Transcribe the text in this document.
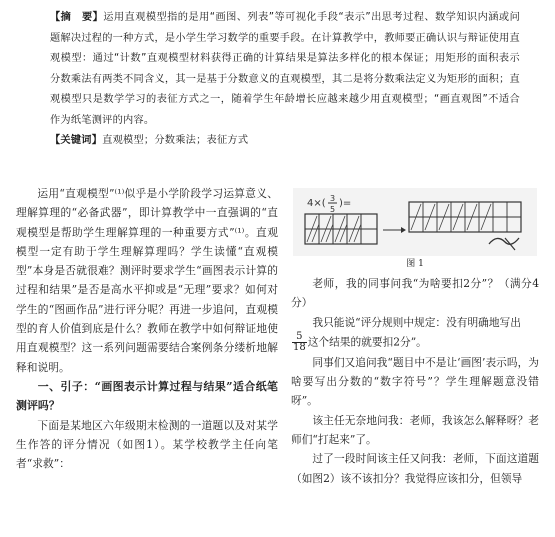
【摘　要】运用直观模型指的是用“画图、列表”等可视化手段“表示”出思考过程、数学知识内涵或问题解决过程的一种方式，是小学生学习数学的重要手段。在计算教学中，教师要正确认识与辩证使用直观模型：通过“计数”直观模型材料获得正确的计算结果是算法多样化的根本保证；用矩形的面积表示分数乘法有两类不同含义，其一是基于分数意义的直观模型，其二是将分数乘法定义为矩形的面积；直观模型只是数学学习的表征方式之一，随着学生年龄增长应越来越少用直观模型；“画直观图”不适合作为纸笔测评的内容。

【关键词】直观模型；分数乘法；表征方式

运用“直观模型”⁽¹⁾似乎是小学阶段学习运算意义、理解算理的“必备武器”，即计算教学中一直强调的“直观模型是帮助学生理解算理的一种重要方式”⁽¹⁾。直观模型一定有助于学生理解算理吗？学生读懂“直观模型”本身是否就很难？测评时要求学生“画图表示计算的过程和结果”是否是高水平抑或是“无理”要求？如何对学生的“图画作品”进行评分呢？再进一步追问，直观模型的育人价值到底是什么？教师在教学中如何辩证地使用直观模型？这一系列问题需要结合案例条分缕析地解释和说明。

一、引子：“画图表示计算过程与结果”适合纸笔测评吗？

下面是某地区六年级期末检测的一道题以及对某学生作答的评分情况（如图1）。某学校教学主任向笔者“求救”：

4×( 3
5
)=
图 1

老师，我的同事问我“为啥要扣2分”？（满分4分）

我只能说“评分规则中规定：没有明确地写出

$\frac{5}{18}$ 这个结果的就要扣2分”。

同事们又追问我“题目中不是让‘画图’表示吗，为啥要写出分数的“数字符号”？学生理解题意没错呀”。

该主任无奈地问我：老师，我该怎么解释呀？老师们“打起来”了。

过了一段时间该主任又问我：老师，下面这道题（如图2）该不该扣分？我觉得应该扣分，但领导
